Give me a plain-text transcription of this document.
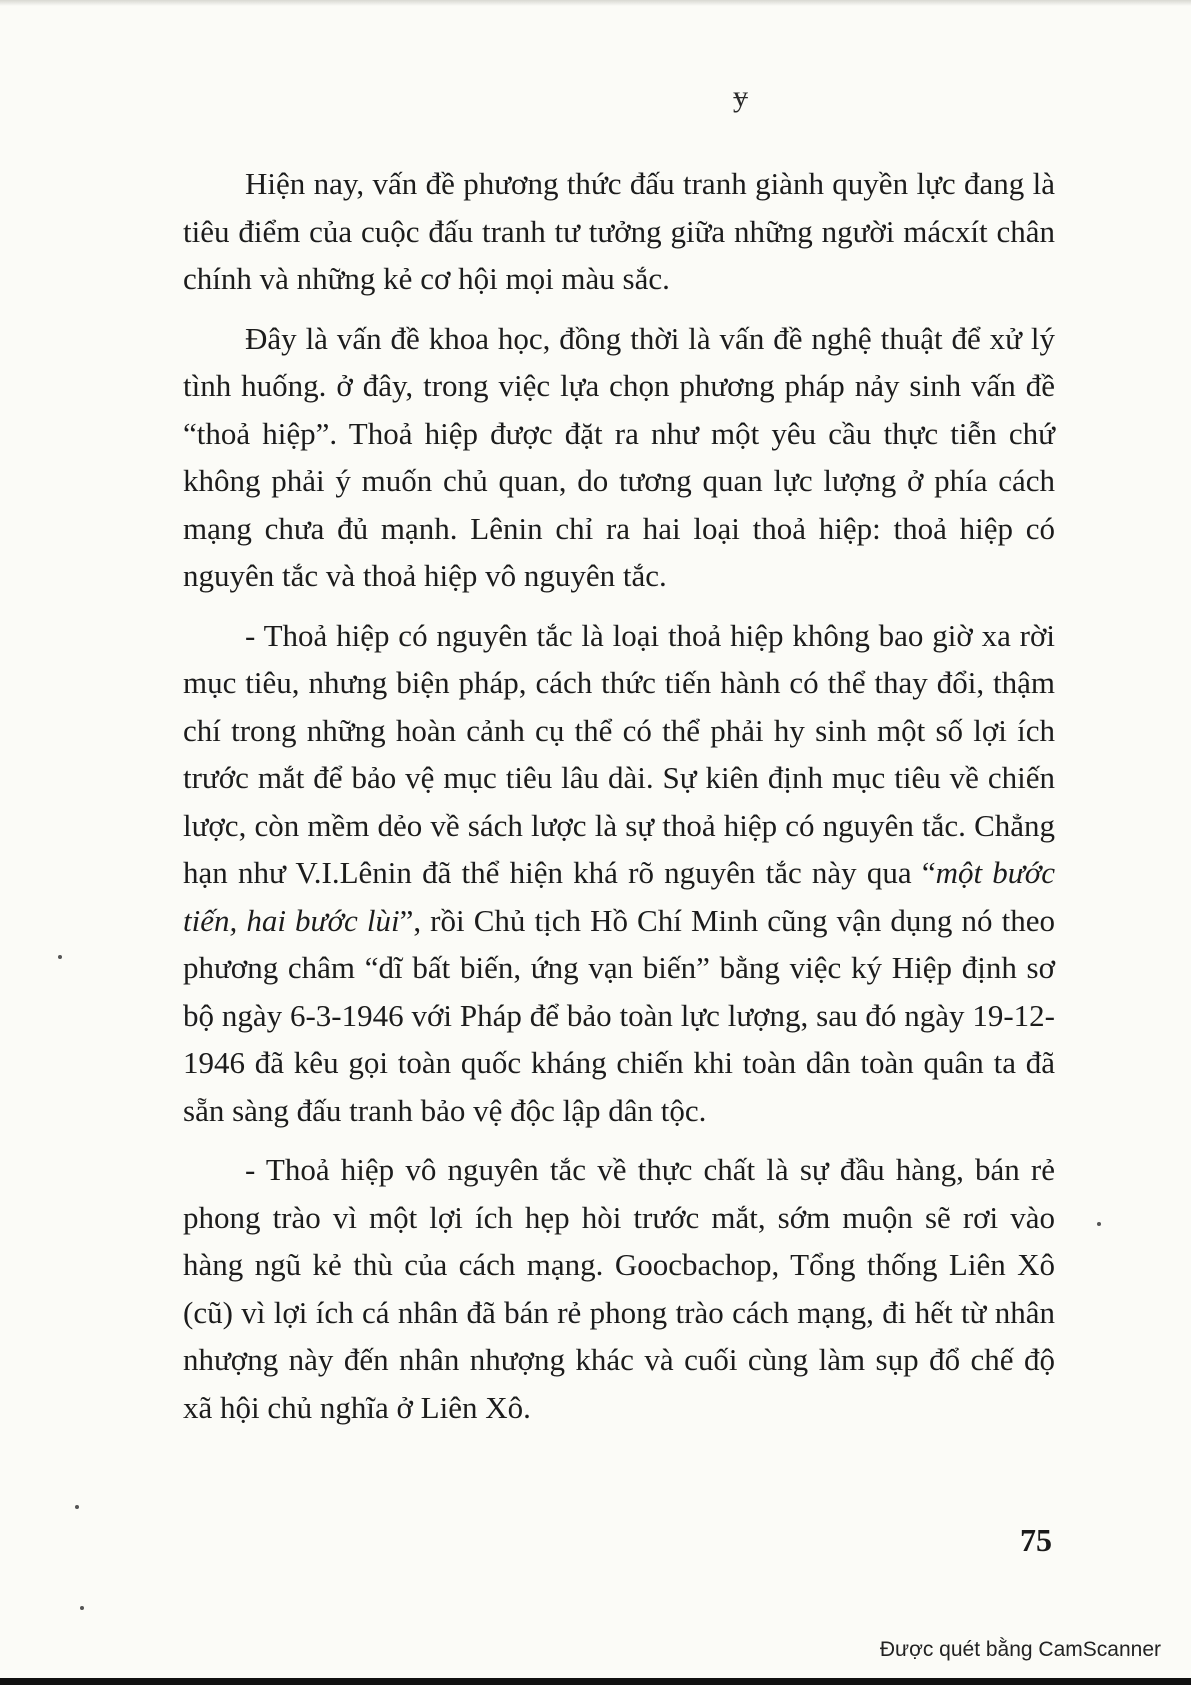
ɏ

Hiện nay, vấn đề phương thức đấu tranh giành quyền lực đang là tiêu điểm của cuộc đấu tranh tư tưởng giữa những người mácxít chân chính và những kẻ cơ hội mọi màu sắc.

Đây là vấn đề khoa học, đồng thời là vấn đề nghệ thuật để xử lý tình huống. ở đây, trong việc lựa chọn phương pháp nảy sinh vấn đề “thoả hiệp”. Thoả hiệp được đặt ra như một yêu cầu thực tiễn chứ không phải ý muốn chủ quan, do tương quan lực lượng ở phía cách mạng chưa đủ mạnh. Lênin chỉ ra hai loại thoả hiệp: thoả hiệp có nguyên tắc và thoả hiệp vô nguyên tắc.

- Thoả hiệp có nguyên tắc là loại thoả hiệp không bao giờ xa rời mục tiêu, nhưng biện pháp, cách thức tiến hành có thể thay đổi, thậm chí trong những hoàn cảnh cụ thể có thể phải hy sinh một số lợi ích trước mắt để bảo vệ mục tiêu lâu dài. Sự kiên định mục tiêu về chiến lược, còn mềm dẻo về sách lược là sự thoả hiệp có nguyên tắc. Chẳng hạn như V.I.Lênin đã thể hiện khá rõ nguyên tắc này qua “một bước tiến, hai bước lùi”, rồi Chủ tịch Hồ Chí Minh cũng vận dụng nó theo phương châm “dĩ bất biến, ứng vạn biến” bằng việc ký Hiệp định sơ bộ ngày 6-3-1946 với Pháp để bảo toàn lực lượng, sau đó ngày 19-12-1946 đã kêu gọi toàn quốc kháng chiến khi toàn dân toàn quân ta đã sẵn sàng đấu tranh bảo vệ độc lập dân tộc.

- Thoả hiệp vô nguyên tắc về thực chất là sự đầu hàng, bán rẻ phong trào vì một lợi ích hẹp hòi trước mắt, sớm muộn sẽ rơi vào hàng ngũ kẻ thù của cách mạng. Goocbachop, Tổng thống Liên Xô (cũ) vì lợi ích cá nhân đã bán rẻ phong trào cách mạng, đi hết từ nhân nhượng này đến nhân nhượng khác và cuối cùng làm sụp đổ chế độ xã hội chủ nghĩa ở Liên Xô.

75
Được quét bằng CamScanner
